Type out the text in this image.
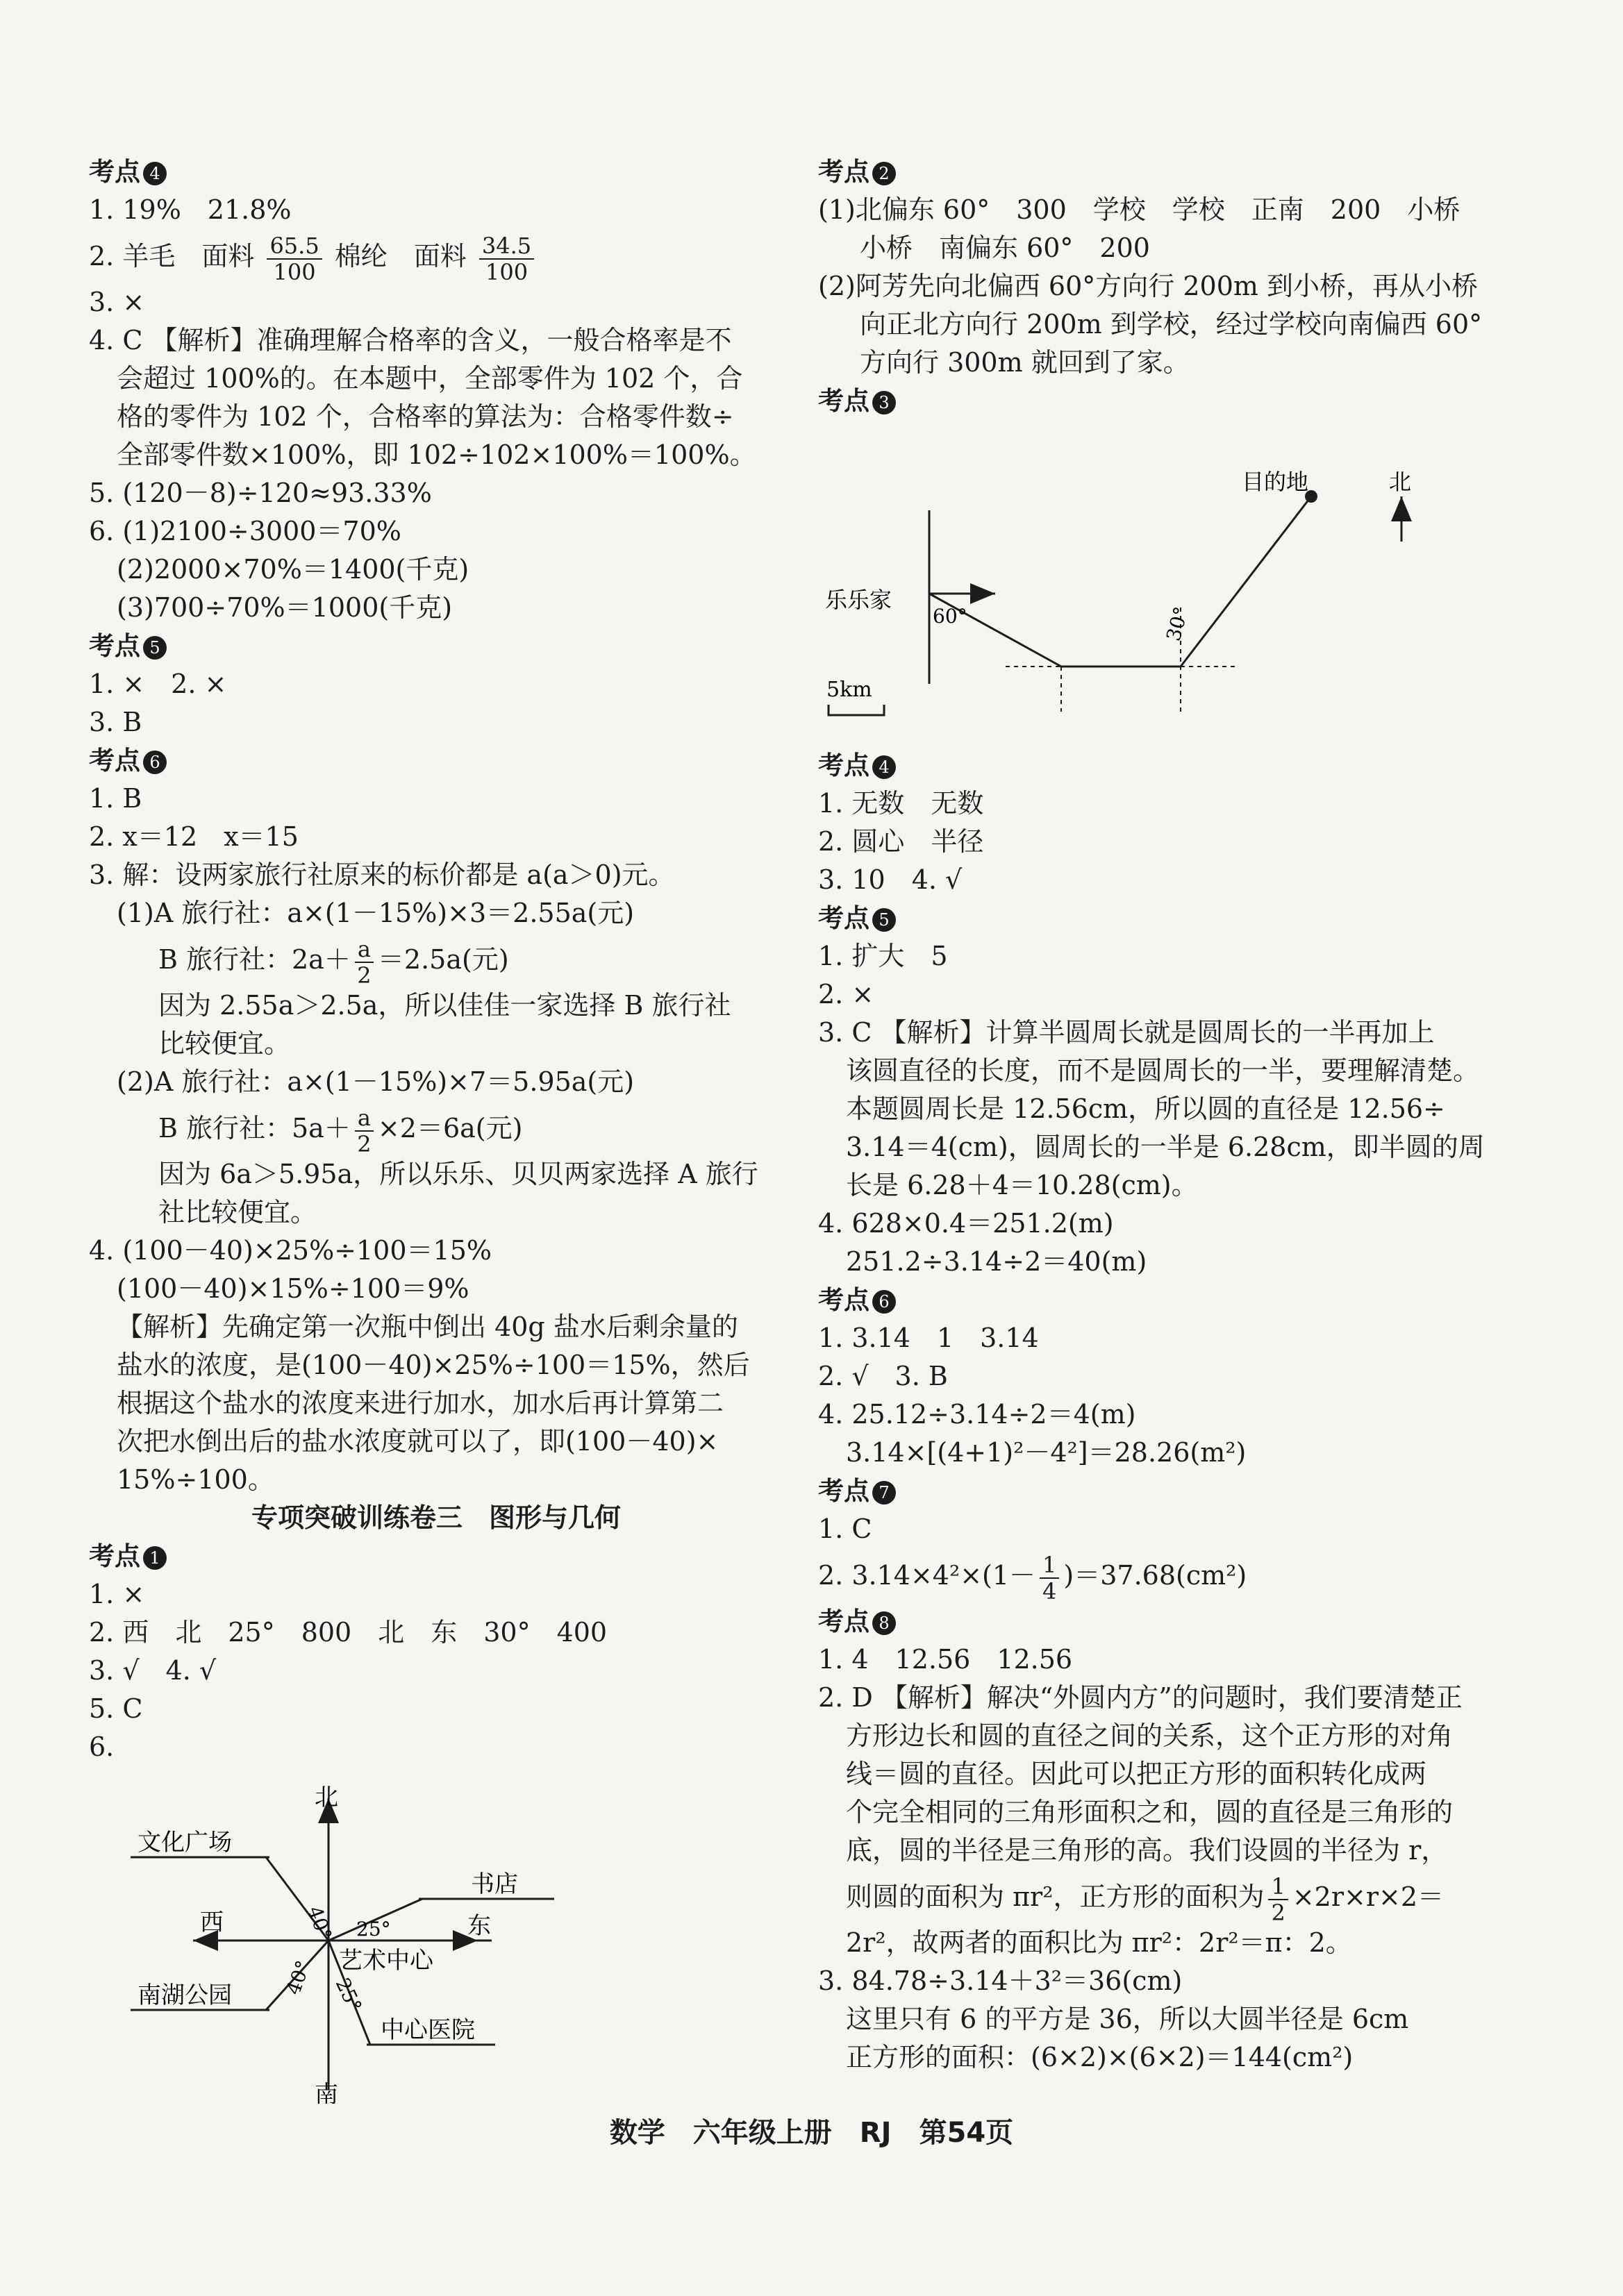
考点 4
1. 19%　21.8%
2. 羊毛　面料 $\frac{65.5}{100}$ 棉纶　面料 $\frac{34.5}{100}$
3. ×
4. C 【解析】准确理解合格率的含义，一般合格率是不
会超过 100%的。在本题中，全部零件为 102 个，合
格的零件为 102 个，合格率的算法为：合格零件数÷
全部零件数×100%，即 102÷102×100%＝100%。
5. (120－8)÷120≈93.33%
6. (1)2100÷3000＝70%
(2)2000×70%＝1400(千克)
(3)700÷70%＝1000(千克)
考点 5
1. ×　2. ×
3. B
考点 6
1. B
2. x＝12　x＝15
3. 解：设两家旅行社原来的标价都是 a(a＞0)元。
(1)A 旅行社：a×(1－15%)×3＝2.55a(元)
B 旅行社：$2a+ \frac{a}{2} =2.5a$(元)
因为 2.55a＞2.5a，所以佳佳一家选择 B 旅行社
比较便宜。
(2)A 旅行社：a×(1－15%)×7＝5.95a(元)
B 旅行社：$5a+ \frac{a}{2} \times 2=6a$(元)
因为 6a＞5.95a，所以乐乐、贝贝两家选择 A 旅行
社比较便宜。
4. (100－40)×25%÷100＝15%
(100－40)×15%÷100＝9%
【解析】先确定第一次瓶中倒出 40g 盐水后剩余量的
盐水的浓度，是(100－40)×25%÷100＝15%，然后
根据这个盐水的浓度来进行加水，加水后再计算第二
次把水倒出后的盐水浓度就可以了，即(100－40)×
15%÷100。
专项突破训练卷三　图形与几何
考点 1
1. ×
2. 西　北　25°　800　北　东　30°　400
3. √　4. √
5. C
6.
北
南
西	东
文化广场
书店
南湖公园
中心医院
艺术中心
40° 25°
40° 25°
考点 2
(1)北偏东 60°　300　学校　学校　正南　200　小桥
小桥　南偏东 60°　200
(2)阿芳先向北偏西 60°方向行 200m 到小桥，再从小桥
向正北方向行 200m 到学校，经过学校向南偏西 60°
方向行 300m 就回到了家。
考点 3
目的地	北
乐乐家
60°	30°
5km
考点 4
1. 无数　无数
2. 圆心　半径
3. 10　4. √
考点 5
1. 扩大　5
2. ×
3. C 【解析】计算半圆周长就是圆周长的一半再加上
该圆直径的长度，而不是圆周长的一半，要理解清楚。
本题圆周长是 12.56cm，所以圆的直径是 12.56÷
3.14＝4(cm)，圆周长的一半是 6.28cm，即半圆的周
长是 6.28＋4＝10.28(cm)。
4. 628×0.4＝251.2(m)
251.2÷3.14÷2＝40(m)
考点 6
1. 3.14　1　3.14
2. √　3. B
4. 25.12÷3.14÷2＝4(m)
3.14×[(4+1)²－4²]＝28.26(m²)
考点 7
1. C
2. $3.14\times 4^2\times(1- \frac{1}{4} )=37.68(cm^2)$
考点 8
1. 4　12.56　12.56
2. D 【解析】解决“外圆内方”的问题时，我们要清楚正
方形边长和圆的直径之间的关系，这个正方形的对角
线＝圆的直径。因此可以把正方形的面积转化成两
个完全相同的三角形面积之和，圆的直径是三角形的
底，圆的半径是三角形的高。我们设圆的半径为 r，
则圆的面积为 πr²，正方形的面积为 $\frac{1}{2} \times 2r\times r\times 2=$
2r²，故两者的面积比为 πr²：2r²＝π：2。
3. 84.78÷3.14＋3²＝36(cm)
这里只有 6 的平方是 36，所以大圆半径是 6cm
正方形的面积：(6×2)×(6×2)＝144(cm²)
数学　六年级上册　RJ　第54页
